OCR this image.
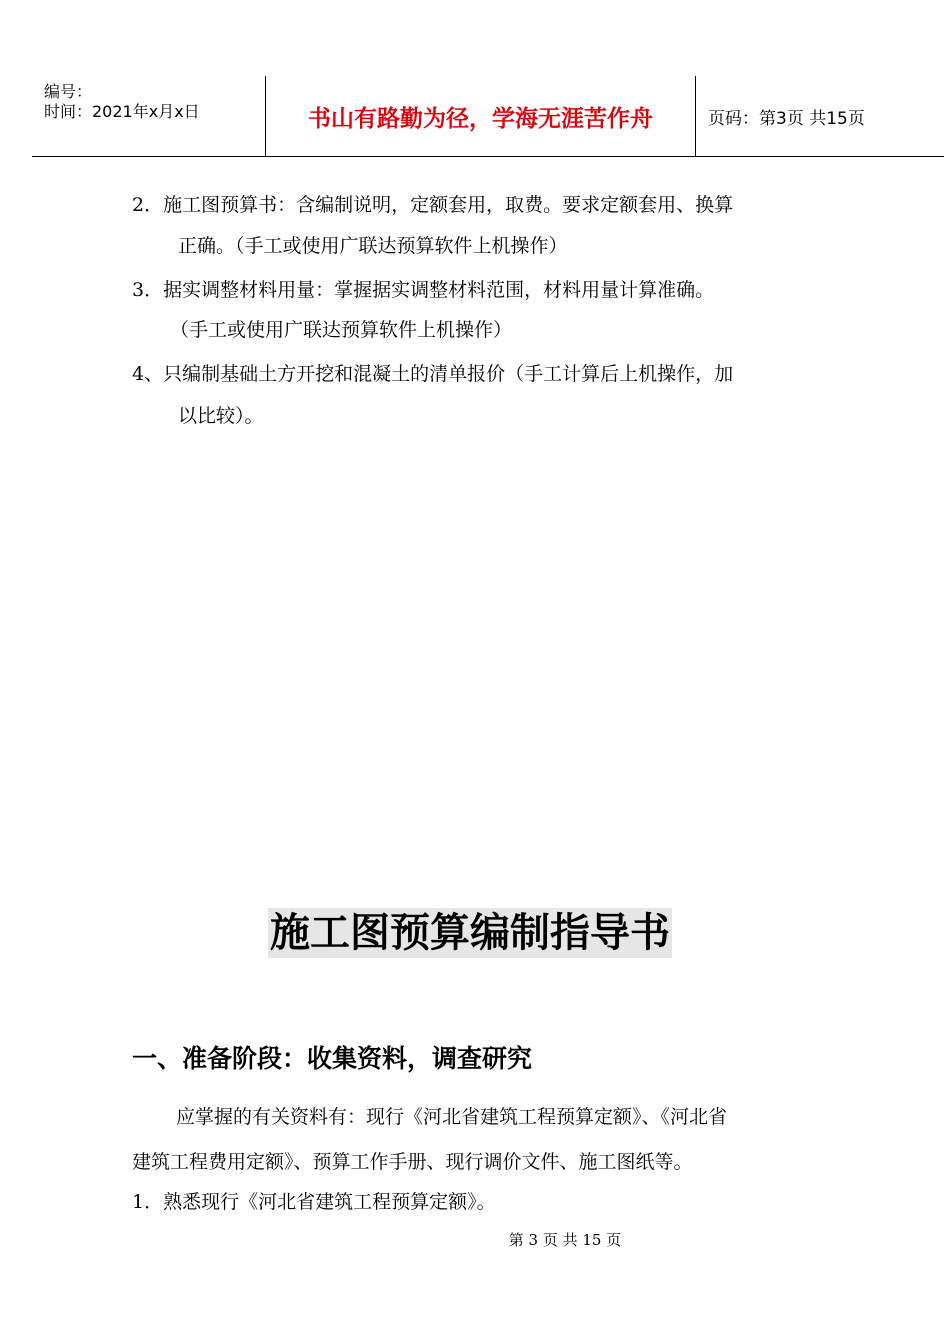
编号：
时间：2021年x月x日	书山有路勤为径，学海无涯苦作舟	页码：第3页 共15页
2．施工图预算书：含编制说明，定额套用，取费。要求定额套用、换算
正确。（手工或使用广联达预算软件上机操作）
3．据实调整材料用量：掌握据实调整材料范围，材料用量计算准确。
（手工或使用广联达预算软件上机操作）
4、只编制基础土方开挖和混凝土的清单报价（手工计算后上机操作，加
以比较）。
施工图预算编制指导书
一、准备阶段：收集资料，调查研究
应掌握的有关资料有：现行《河北省建筑工程预算定额》、《河北省
建筑工程费用定额》、预算工作手册、现行调价文件、施工图纸等。
1．熟悉现行《河北省建筑工程预算定额》。
第 3 页 共 15 页
